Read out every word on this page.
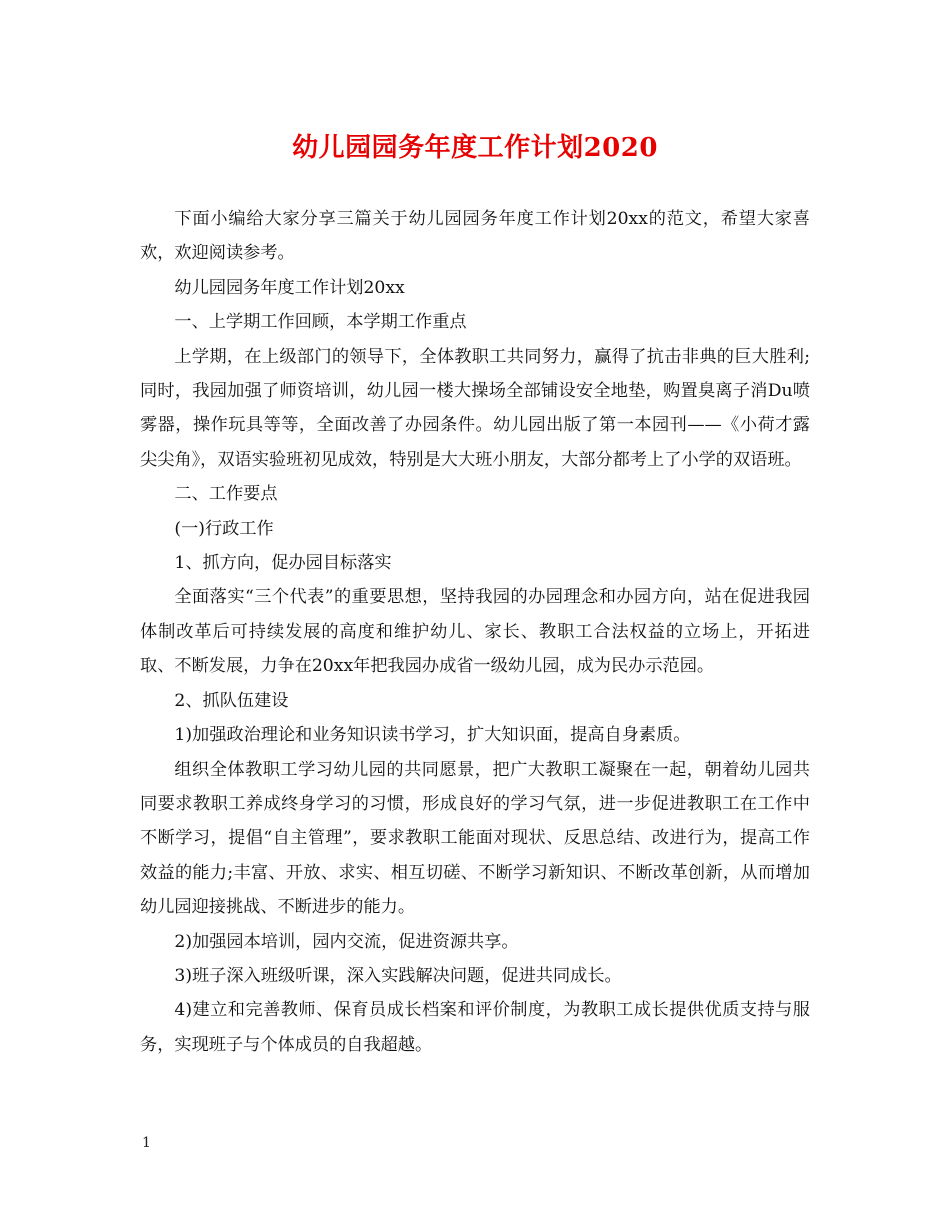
幼儿园园务年度工作计划2020

下面小编给大家分享三篇关于幼儿园园务年度工作计划20xx的范文，希望大家喜欢，欢迎阅读参考。

幼儿园园务年度工作计划20xx

一、上学期工作回顾，本学期工作重点

上学期，在上级部门的领导下，全体教职工共同努力，赢得了抗击非典的巨大胜利;同时，我园加强了师资培训，幼儿园一楼大操场全部铺设安全地垫，购置臭离子消Du喷雾器，操作玩具等等，全面改善了办园条件。幼儿园出版了第一本园刊——《小荷才露尖尖角》，双语实验班初见成效，特别是大大班小朋友，大部分都考上了小学的双语班。

二、工作要点

(一)行政工作

1、抓方向，促办园目标落实

全面落实“三个代表”的重要思想，坚持我园的办园理念和办园方向，站在促进我园体制改革后可持续发展的高度和维护幼儿、家长、教职工合法权益的立场上，开拓进取、不断发展，力争在20xx年把我园办成省一级幼儿园，成为民办示范园。

2、抓队伍建设

1)加强政治理论和业务知识读书学习，扩大知识面，提高自身素质。

组织全体教职工学习幼儿园的共同愿景，把广大教职工凝聚在一起，朝着幼儿园共同要求教职工养成终身学习的习惯，形成良好的学习气氛，进一步促进教职工在工作中不断学习，提倡“自主管理”，要求教职工能面对现状、反思总结、改进行为，提高工作效益的能力;丰富、开放、求实、相互切磋、不断学习新知识、不断改革创新，从而增加幼儿园迎接挑战、不断进步的能力。

2)加强园本培训，园内交流，促进资源共享。

3)班子深入班级听课，深入实践解决问题，促进共同成长。

4)建立和完善教师、保育员成长档案和评价制度，为教职工成长提供优质支持与服务，实现班子与个体成员的自我超越。

1
